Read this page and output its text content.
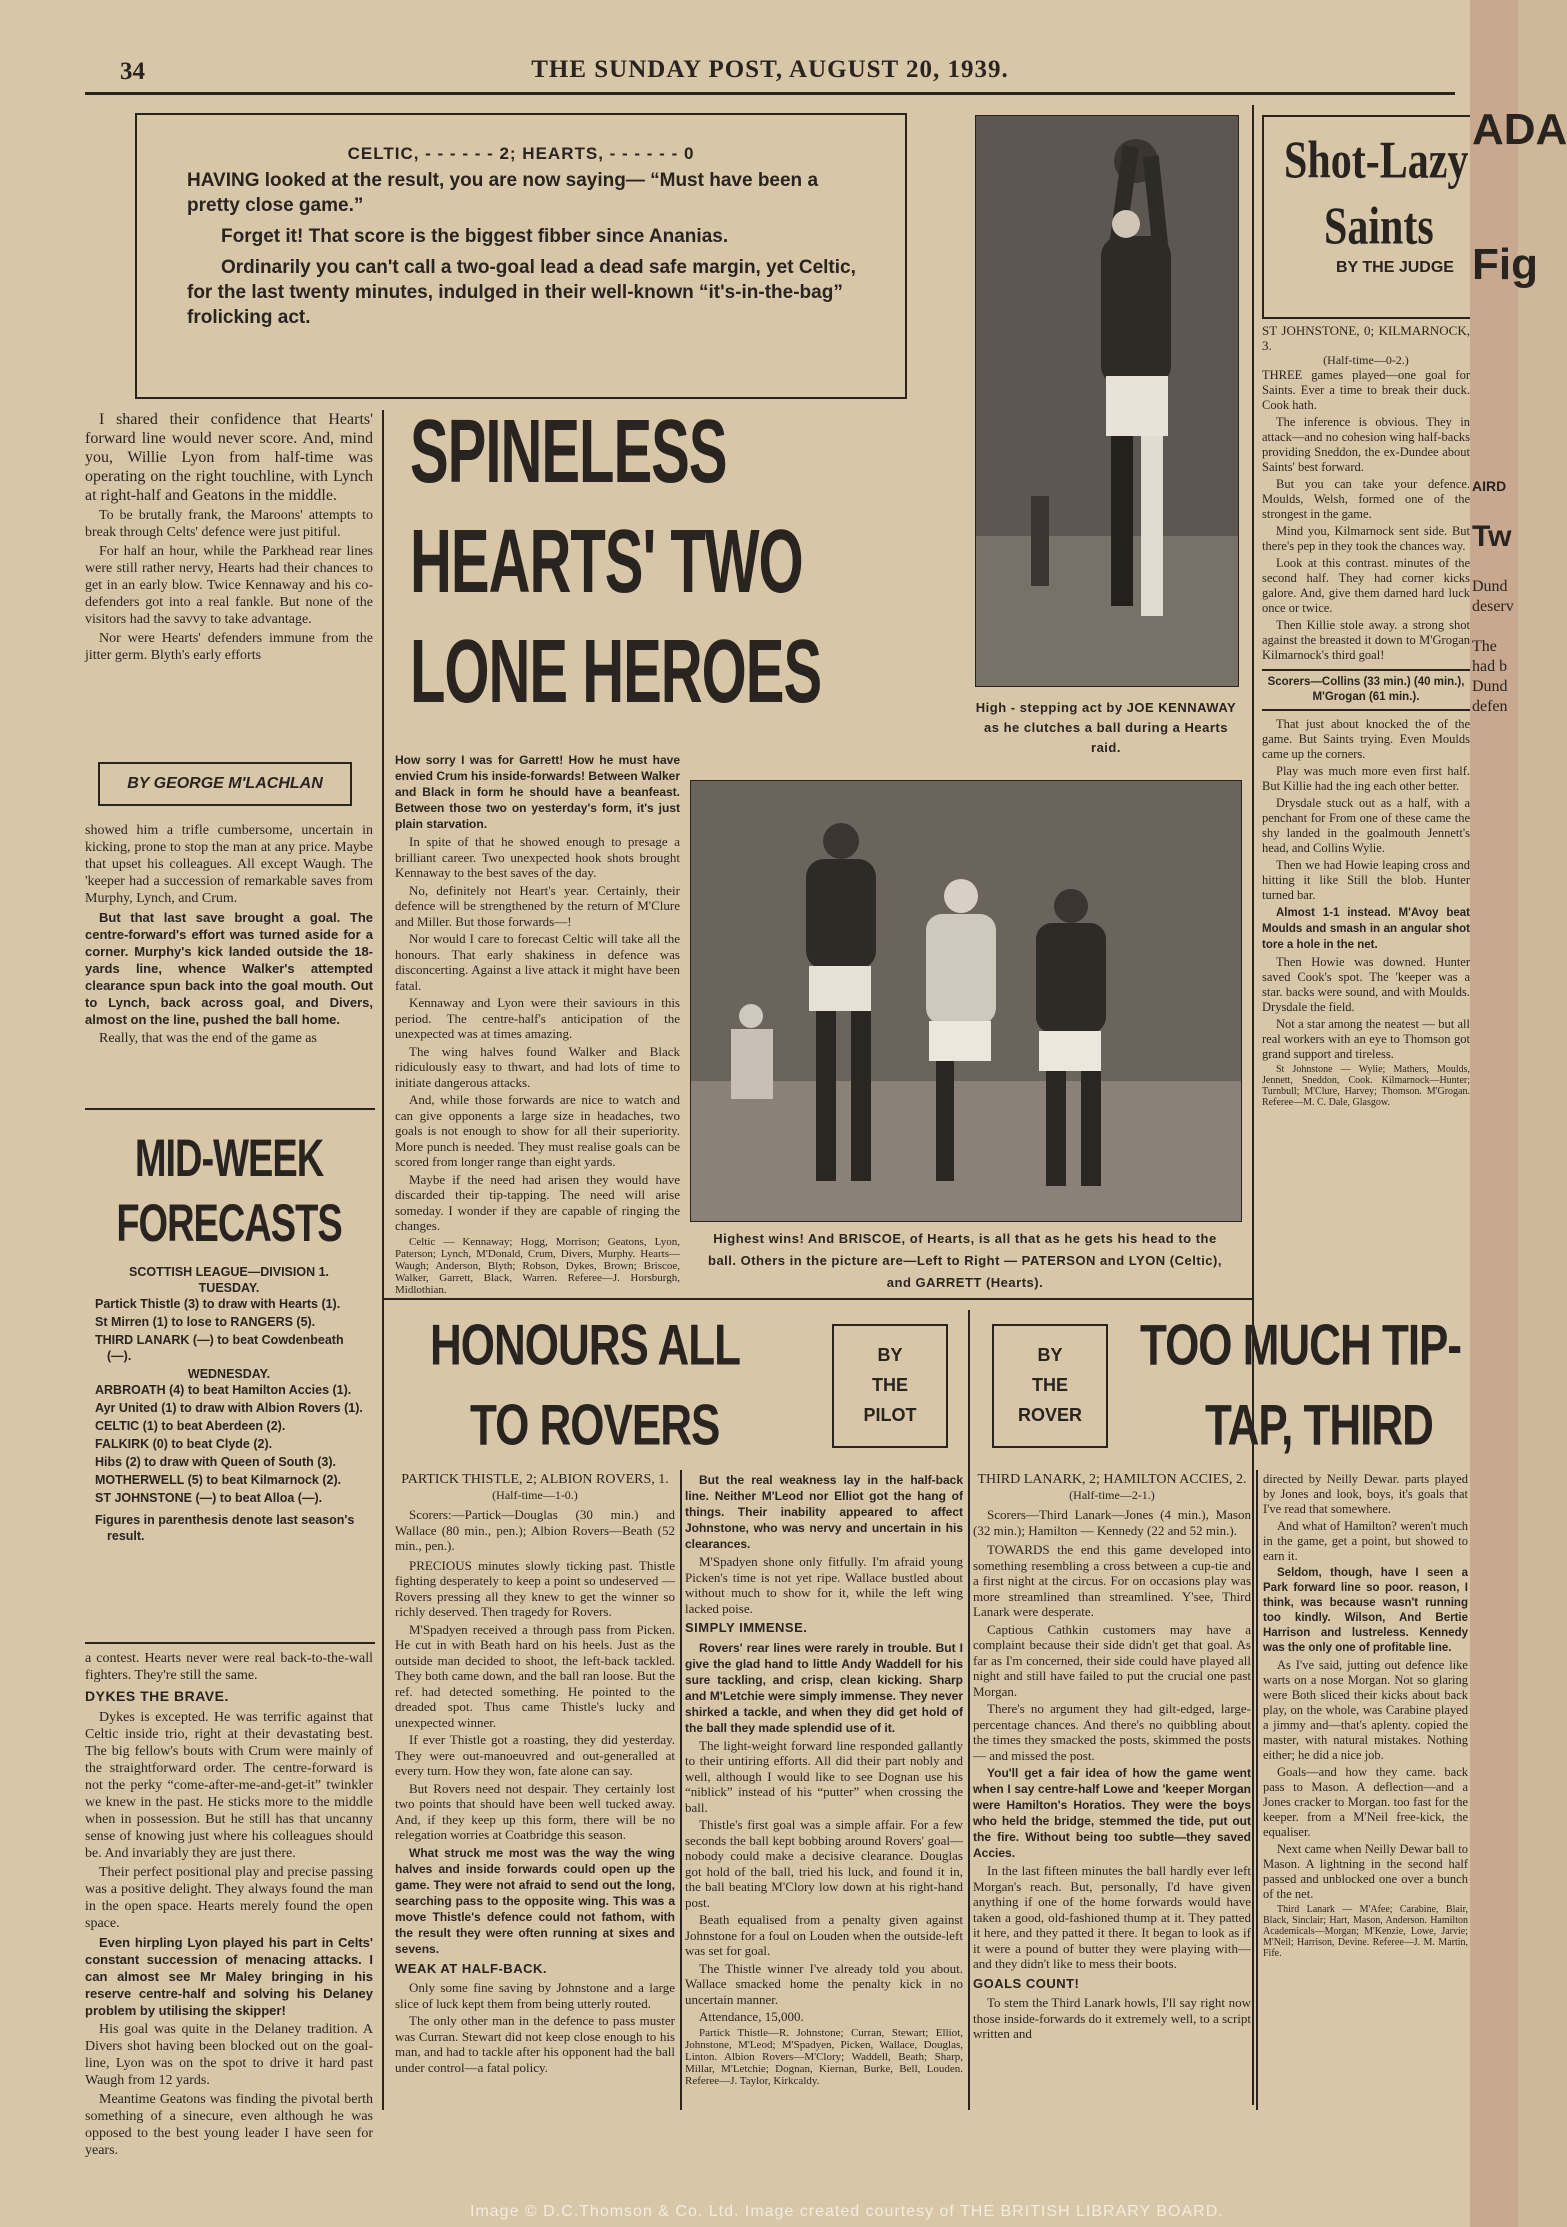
34	THE SUNDAY POST, AUGUST 20, 1939.
CELTIC, - - - - - - 2; HEARTS, - - - - - - 0
HAVING looked at the result, you are now saying— “Must have been a pretty close game.”
Forget it! That score is the biggest fibber since Ananias.
Ordinarily you can't call a two-goal lead a dead safe margin, yet Celtic, for the last twenty minutes, indulged in their well-known “it's-in-the-bag” frolicking act.
SPINELESS
HEARTS' TWO
LONE HEROES	High - stepping act by JOE KENNAWAY as he clutches a ball during a Hearts raid.

I shared their confidence that Hearts' forward line would never score. And, mind you, Willie Lyon from half-time was operating on the right touchline, with Lynch at right-half and Geatons in the middle.

To be brutally frank, the Maroons' attempts to break through Celts' defence were just pitiful.

For half an hour, while the Parkhead rear lines were still rather nervy, Hearts had their chances to get in an early blow. Twice Kennaway and his co-defenders got into a real fankle. But none of the visitors had the savvy to take advantage.

Nor were Hearts' defenders immune from the jitter germ. Blyth's early efforts

BY GEORGE M'LACHLAN

showed him a trifle cumbersome, uncertain in kicking, prone to stop the man at any price. Maybe that upset his colleagues. All except Waugh. The 'keeper had a succession of remarkable saves from Murphy, Lynch, and Crum.

But that last save brought a goal. The centre-forward's effort was turned aside for a corner. Murphy's kick landed outside the 18-yards line, whence Walker's attempted clearance spun back into the goal mouth. Out to Lynch, back across goal, and Divers, almost on the line, pushed the ball home.

Really, that was the end of the game as

MID-WEEK
FORECASTS
SCOTTISH LEAGUE—DIVISION 1.
TUESDAY.

Partick Thistle (3) to draw with Hearts (1).

St Mirren (1) to lose to RANGERS (5).

THIRD LANARK (—) to beat Cowdenbeath (—).

WEDNESDAY.

ARBROATH (4) to beat Hamilton Accies (1).

Ayr United (1) to draw with Albion Rovers (1).

CELTIC (1) to beat Aberdeen (2).

FALKIRK (0) to beat Clyde (2).

Hibs (2) to draw with Queen of South (3).

MOTHERWELL (5) to beat Kilmarnock (2).

ST JOHNSTONE (—) to beat Alloa (—).

Figures in parenthesis denote last season's result.

a contest. Hearts never were real back-to-the-wall fighters. They're still the same.

DYKES THE BRAVE.

Dykes is excepted. He was terrific against that Celtic inside trio, right at their devastating best. The big fellow's bouts with Crum were mainly of the straightforward order. The centre-forward is not the perky “come-after-me-and-get-it” twinkler we knew in the past. He sticks more to the middle when in possession. But he still has that uncanny sense of knowing just where his colleagues should be. And invariably they are just there.

Their perfect positional play and precise passing was a positive delight. They always found the man in the open space. Hearts merely found the open space.

Even hirpling Lyon played his part in Celts' constant succession of menacing attacks. I can almost see Mr Maley bringing in his reserve centre-half and solving his Delaney problem by utilising the skipper!

His goal was quite in the Delaney tradition. A Divers shot having been blocked out on the goal-line, Lyon was on the spot to drive it hard past Waugh from 12 yards.

Meantime Geatons was finding the pivotal berth something of a sinecure, even although he was opposed to the best young leader I have seen for years.

How sorry I was for Garrett! How he must have envied Crum his inside-forwards! Between Walker and Black in form he should have a beanfeast. Between those two on yesterday's form, it's just plain starvation.

In spite of that he showed enough to presage a brilliant career. Two unexpected hook shots brought Kennaway to the best saves of the day.

No, definitely not Heart's year. Certainly, their defence will be strengthened by the return of M'Clure and Miller. But those forwards—!

Nor would I care to forecast Celtic will take all the honours. That early shakiness in defence was disconcerting. Against a live attack it might have been fatal.

Kennaway and Lyon were their saviours in this period. The centre-half's anticipation of the unexpected was at times amazing.

The wing halves found Walker and Black ridiculously easy to thwart, and had lots of time to initiate dangerous attacks.

And, while those forwards are nice to watch and can give opponents a large size in headaches, two goals is not enough to show for all their superiority. More punch is needed. They must realise goals can be scored from longer range than eight yards.

Maybe if the need had arisen they would have discarded their tip-tapping. The need will arise someday. I wonder if they are capable of ringing the changes.

Celtic — Kennaway; Hogg, Morrison; Geatons, Lyon, Paterson; Lynch, M'Donald, Crum, Divers, Murphy. Hearts—Waugh; Anderson, Blyth; Robson, Dykes, Brown; Briscoe, Walker, Garrett, Black, Warren. Referee—J. Horsburgh, Midlothian.

Highest wins! And BRISCOE, of Hearts, is all that as he gets his head to the ball. Others in the picture are—Left to Right — PATERSON and LYON (Celtic), and GARRETT (Hearts).
HONOURS ALL
TO ROVERS
BY
THE
PILOT
PARTICK THISTLE, 2; ALBION ROVERS, 1.
(Half-time—1-0.)

Scorers:—Partick—Douglas (30 min.) and Wallace (80 min., pen.); Albion Rovers—Beath (52 min., pen.).

PRECIOUS minutes slowly ticking past. Thistle fighting desperately to keep a point so undeserved — Rovers pressing all they knew to get the winner so richly deserved. Then tragedy for Rovers.

M'Spadyen received a through pass from Picken. He cut in with Beath hard on his heels. Just as the outside man decided to shoot, the left-back tackled. They both came down, and the ball ran loose. But the ref. had detected something. He pointed to the dreaded spot. Thus came Thistle's lucky and unexpected winner.

If ever Thistle got a roasting, they did yesterday. They were out-manoeuvred and out-generalled at every turn. How they won, fate alone can say.

But Rovers need not despair. They certainly lost two points that should have been well tucked away. And, if they keep up this form, there will be no relegation worries at Coatbridge this season.

What struck me most was the way the wing halves and inside forwards could open up the game. They were not afraid to send out the long, searching pass to the opposite wing. This was a move Thistle's defence could not fathom, with the result they were often running at sixes and sevens.

WEAK AT HALF-BACK.

Only some fine saving by Johnstone and a large slice of luck kept them from being utterly routed.

The only other man in the defence to pass muster was Curran. Stewart did not keep close enough to his man, and had to tackle after his opponent had the ball under control—a fatal policy.

But the real weakness lay in the half-back line. Neither M'Leod nor Elliot got the hang of things. Their inability appeared to affect Johnstone, who was nervy and uncertain in his clearances.

M'Spadyen shone only fitfully. I'm afraid young Picken's time is not yet ripe. Wallace bustled about without much to show for it, while the left wing lacked poise.

SIMPLY IMMENSE.

Rovers' rear lines were rarely in trouble. But I give the glad hand to little Andy Waddell for his sure tackling, and crisp, clean kicking. Sharp and M'Letchie were simply immense. They never shirked a tackle, and when they did get hold of the ball they made splendid use of it.

The light-weight forward line responded gallantly to their untiring efforts. All did their part nobly and well, although I would like to see Dognan use his “niblick” instead of his “putter” when crossing the ball.

Thistle's first goal was a simple affair. For a few seconds the ball kept bobbing around Rovers' goal—nobody could make a decisive clearance. Douglas got hold of the ball, tried his luck, and found it in, the ball beating M'Clory low down at his right-hand post.

Beath equalised from a penalty given against Johnstone for a foul on Louden when the outside-left was set for goal.

The Thistle winner I've already told you about. Wallace smacked home the penalty kick in no uncertain manner.

Attendance, 15,000.

Partick Thistle—R. Johnstone; Curran, Stewart; Elliot, Johnstone, M'Leod; M'Spadyen, Picken, Wallace, Douglas, Linton. Albion Rovers—M'Clory; Waddell, Beath; Sharp, Millar, M'Letchie; Dognan, Kiernan, Burke, Bell, Louden. Referee—J. Taylor, Kirkcaldy.

BY
THE
ROVER
TOO MUCH TIP-
TAP, THIRD
THIRD LANARK, 2; HAMILTON ACCIES, 2.
(Half-time—2-1.)

Scorers—Third Lanark—Jones (4 min.), Mason (32 min.); Hamilton — Kennedy (22 and 52 min.).

TOWARDS the end this game developed into something resembling a cross between a cup-tie and a first night at the circus. For on occasions play was more streamlined than streamlined. Y'see, Third Lanark were desperate.

Captious Cathkin customers may have a complaint because their side didn't get that goal. As far as I'm concerned, their side could have played all night and still have failed to put the crucial one past Morgan.

There's no argument they had gilt-edged, large-percentage chances. And there's no quibbling about the times they smacked the posts, skimmed the posts — and missed the post.

You'll get a fair idea of how the game went when I say centre-half Lowe and 'keeper Morgan were Hamilton's Horatios. They were the boys who held the bridge, stemmed the tide, put out the fire. Without being too subtle—they saved Accies.

In the last fifteen minutes the ball hardly ever left Morgan's reach. But, personally, I'd have given anything if one of the home forwards would have taken a good, old-fashioned thump at it. They patted it here, and they patted it there. It began to look as if it were a pound of butter they were playing with—and they didn't like to mess their boots.

GOALS COUNT!

To stem the Third Lanark howls, I'll say right now those inside-forwards do it extremely well, to a script written and

directed by Neilly Dewar. parts played by Jones and look, boys, it's goals that I've read that somewhere.

And what of Hamilton? weren't much in the game, get a point, but showed to earn it.

Seldom, though, have I seen a Park forward line so poor. reason, I think, was because wasn't running too kindly. Wilson, And Bertie Harrison and lustreless. Kennedy was the only one of profitable line.

As I've said, jutting out defence like warts on a nose Morgan. Not so glaring were Both sliced their kicks about back play, on the whole, was Carabine played a jimmy and—that's aplenty. copied the master, with natural mistakes. Nothing either; he did a nice job.

Goals—and how they came. back pass to Mason. A deflection—and a Jones cracker to Morgan. too fast for the keeper. from a M'Neil free-kick, the equaliser.

Next came when Neilly Dewar ball to Mason. A lightning in the second half passed and unblocked one over a bunch of the net.

Third Lanark — M'Afee; Carabine, Blair, Black, Sinclair; Hart, Mason, Anderson. Hamilton Academicals—Morgan; M'Kenzie, Lowe, Jarvie; M'Neil; Harrison, Devine. Referee—J. M. Martin, Fife.

Shot-Lazy
Saints
BY THE JUDGE
ST JOHNSTONE, 0; KILMARNOCK, 3.
(Half-time—0-2.)

THREE games played—one goal for Saints. Ever a time to break their duck. Cook hath.

The inference is obvious. They in attack—and no cohesion wing half-backs providing Sneddon, the ex-Dundee about Saints' best forward.

But you can take your defence. Moulds, Welsh, formed one of the strongest in the game.

Mind you, Kilmarnock sent side. But there's pep in they took the chances way.

Look at this contrast. minutes of the second half. They had corner kicks galore. And, give them darned hard luck once or twice.

Then Killie stole away. a strong shot against the breasted it down to M'Grogan Kilmarnock's third goal!

Scorers—Collins (33 min.) (40 min.), M'Grogan (61 min.).

That just about knocked the of the game. But Saints trying. Even Moulds came up the corners.

Play was much more even first half. But Killie had the ing each other better.

Drysdale stuck out as a half, with a penchant for From one of these came the shy landed in the goalmouth Jennett's head, and Collins Wylie.

Then we had Howie leaping cross and hitting it like Still the blob. Hunter turned bar.

Almost 1-1 instead. M'Avoy beat Moulds and smash in an angular shot tore a hole in the net.

Then Howie was downed. Hunter saved Cook's spot. The 'keeper was a star. backs were sound, and with Moulds. Drysdale the field.

Not a star among the neatest — but all real workers with an eye to Thomson got grand support and tireless.

St Johnstone — Wylie; Mathers, Moulds, Jennett, Sneddon, Cook. Kilmarnock—Hunter; Turnbull; M'Clure, Harvey; Thomson. M'Grogan. Referee—M. C. Dale, Glasgow.

ADA
Fig
AIRD
Tw
Dund
deserv
The
had b
Dund
defen
Image © D.C.Thomson & Co. Ltd. Image created courtesy of THE BRITISH LIBRARY BOARD.
